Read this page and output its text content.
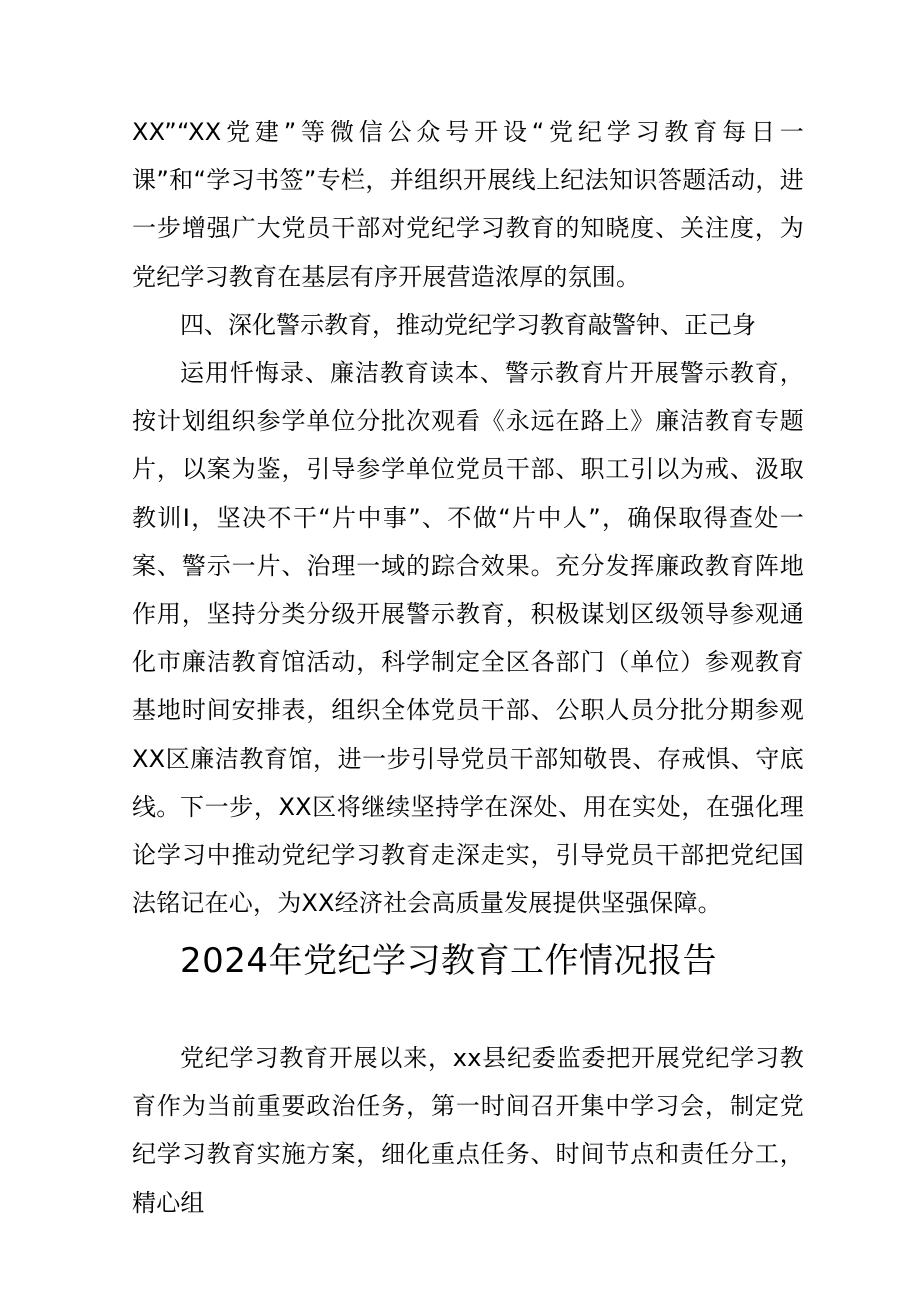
XX”“XX党建”等微信公众号开设“党纪学习教育每日一课”和“学习书签”专栏，并组织开展线上纪法知识答题活动，进一步增强广大党员干部对党纪学习教育的知晓度、关注度，为党纪学习教育在基层有序开展营造浓厚的氛围。

四、深化警示教育，推动党纪学习教育敲警钟、正己身

运用忏悔录、廉洁教育读本、警示教育片开展警示教育，按计划组织参学单位分批次观看《永远在路上》廉洁教育专题片，以案为鉴，引导参学单位党员干部、职工引以为戒、汲取教训I，坚决不干“片中事”、不做“片中人”，确保取得查处一案、警示一片、治理一域的踪合效果。充分发挥廉政教育阵地作用，坚持分类分级开展警示教育，积极谋划区级领导参观通化市廉洁教育馆活动，科学制定全区各部门（单位）参观教育基地时间安排表，组织全体党员干部、公职人员分批分期参观XX区廉洁教育馆，进一步引导党员干部知敬畏、存戒惧、守底线。 下一步，XX区将继续坚持学在深处、用在实处，在强化理论学习中推动党纪学习教育走深走实，引导党员干部把党纪国法铭记在心，为XX经济社会高质量发展提供坚强保障。

2024年党纪学习教育工作情况报告

党纪学习教育开展以来，xx县纪委监委把开展党纪学习教育作为当前重要政治任务，第一时间召开集中学习会，制定党纪学习教育实施方案，细化重点任务、时间节点和责任分工，精心组
